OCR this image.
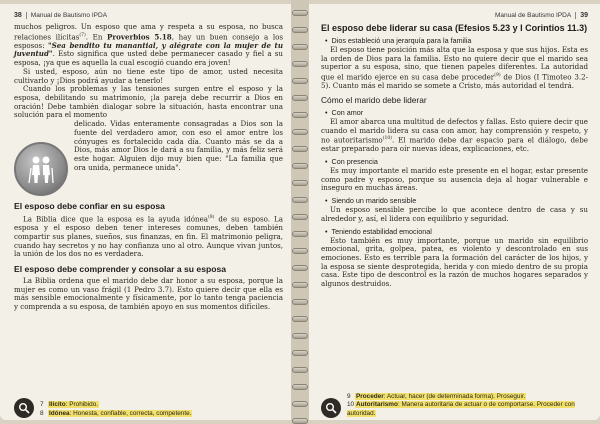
38 Manual de Bautismo IPDA

muchos peligros. Un esposo que ama y respeta a su esposa, no busca relaciones ilícitas$^{(7)}$. En Proverbios 5.18, hay un buen consejo a los esposos: "Sea bendito tu manantial, y alégrate con la mujer de tu juventud". Esto significa que usted debe permanecer casado y fiel a su esposa, ¡ya que es aquella la cual escogió cuando era joven!

Si usted, esposo, aún no tiene este tipo de amor, usted necesita cultivarlo y ¡Dios podrá ayudar a tenerlo!

Cuando los problemas y las tensiones surgen entre el esposo y la esposa, debilitando su matrimonio, ¡la pareja debe recurrir a Dios en oración! Debe también dialogar sobre la situación, hasta encontrar una solución para el momento

delicado. Vidas enteramente consagradas a Dios son la fuente del verdadero amor, con eso el amor entre los cónyuges es fortalecido cada día. Cuanto más se da a Dios, más amor Dios le dará a su familia, y más feliz será este hogar. Alguien dijo muy bien que: "La familia que ora unida, permanece unida".

El esposo debe confiar en su esposa

La Biblia dice que la esposa es la ayuda idónea$^{(8)}$ de su esposo. La esposa y el esposo deben tener intereses comunes, deben también compartir sus planes, sueños, sus finanzas, en fin. El matrimonio peligra, cuando hay secretos y no hay confianza uno al otro. Aunque vivan juntos, la unión de los dos no es verdadera.

El esposo debe comprender y consolar a su esposa

La Biblia ordena que el marido debe dar honor a su esposa, porque la mujer es como un vaso frágil (1 Pedro 3.7). Esto quiere decir que ella es más sensible emocionalmente y físicamente, por lo tanto tenga paciencia y comprenda a su esposa, de también apoyo en sus momentos difíciles.

7 Ilícito: Prohibido.
8 Idónea: Honesta, confiable, correcta, competente.
Manual de Bautismo IPDA 39
El esposo debe liderar su casa (Efesios 5.23 y I Corintios 11.3)
• Dios estableció una jerarquía para la familia

El esposo tiene posición más alta que la esposa y que sus hijos. Esta es la orden de Dios para la familia. Esto no quiere decir que el marido sea superior a su esposa, sino, que tienen papeles diferentes. La autoridad que el marido ejerce en su casa debe proceder$^{(9)}$ de Dios (I Timoteo 3.2-5). Cuanto más el marido se somete a Cristo, más autoridad el tendrá.

Cómo el marido debe liderar
• Con amor

El amor abarca una multitud de defectos y fallas. Esto quiere decir que cuando el marido lidera su casa con amor, hay comprensión y respeto, y no autoritarismo$^{(10)}$. El marido debe dar espacio para el diálogo, debe estar preparado para oír nuevas ideas, explicaciones, etc.

• Con presencia

Es muy importante el marido este presente en el hogar, estar presente como padre y esposo, porque su ausencia deja al hogar vulnerable e inseguro en muchas áreas.

• Siendo un marido sensible

Un esposo sensible percibe lo que acontece dentro de casa y su alrededor y, así, el lidera con equilibrio y seguridad.

• Teniendo estabilidad emocional

Esto también es muy importante, porque un marido sin equilibrio emocional, grita, golpea, patea, es violento y descontrolado en sus emociones. Esto es terrible para la formación del carácter de los hijos, y la esposa se siente desprotegida, herida y con miedo dentro de su propia casa. Este tipo de descontrol es la razón de muchos hogares separados y algunos destruidos.

9 Proceder: Actuar, hacer (de determinada forma). Proseguir.
10 Autoritarismo: Manera autoritaria de actuar o de comportarse. Proceder con autoridad.
